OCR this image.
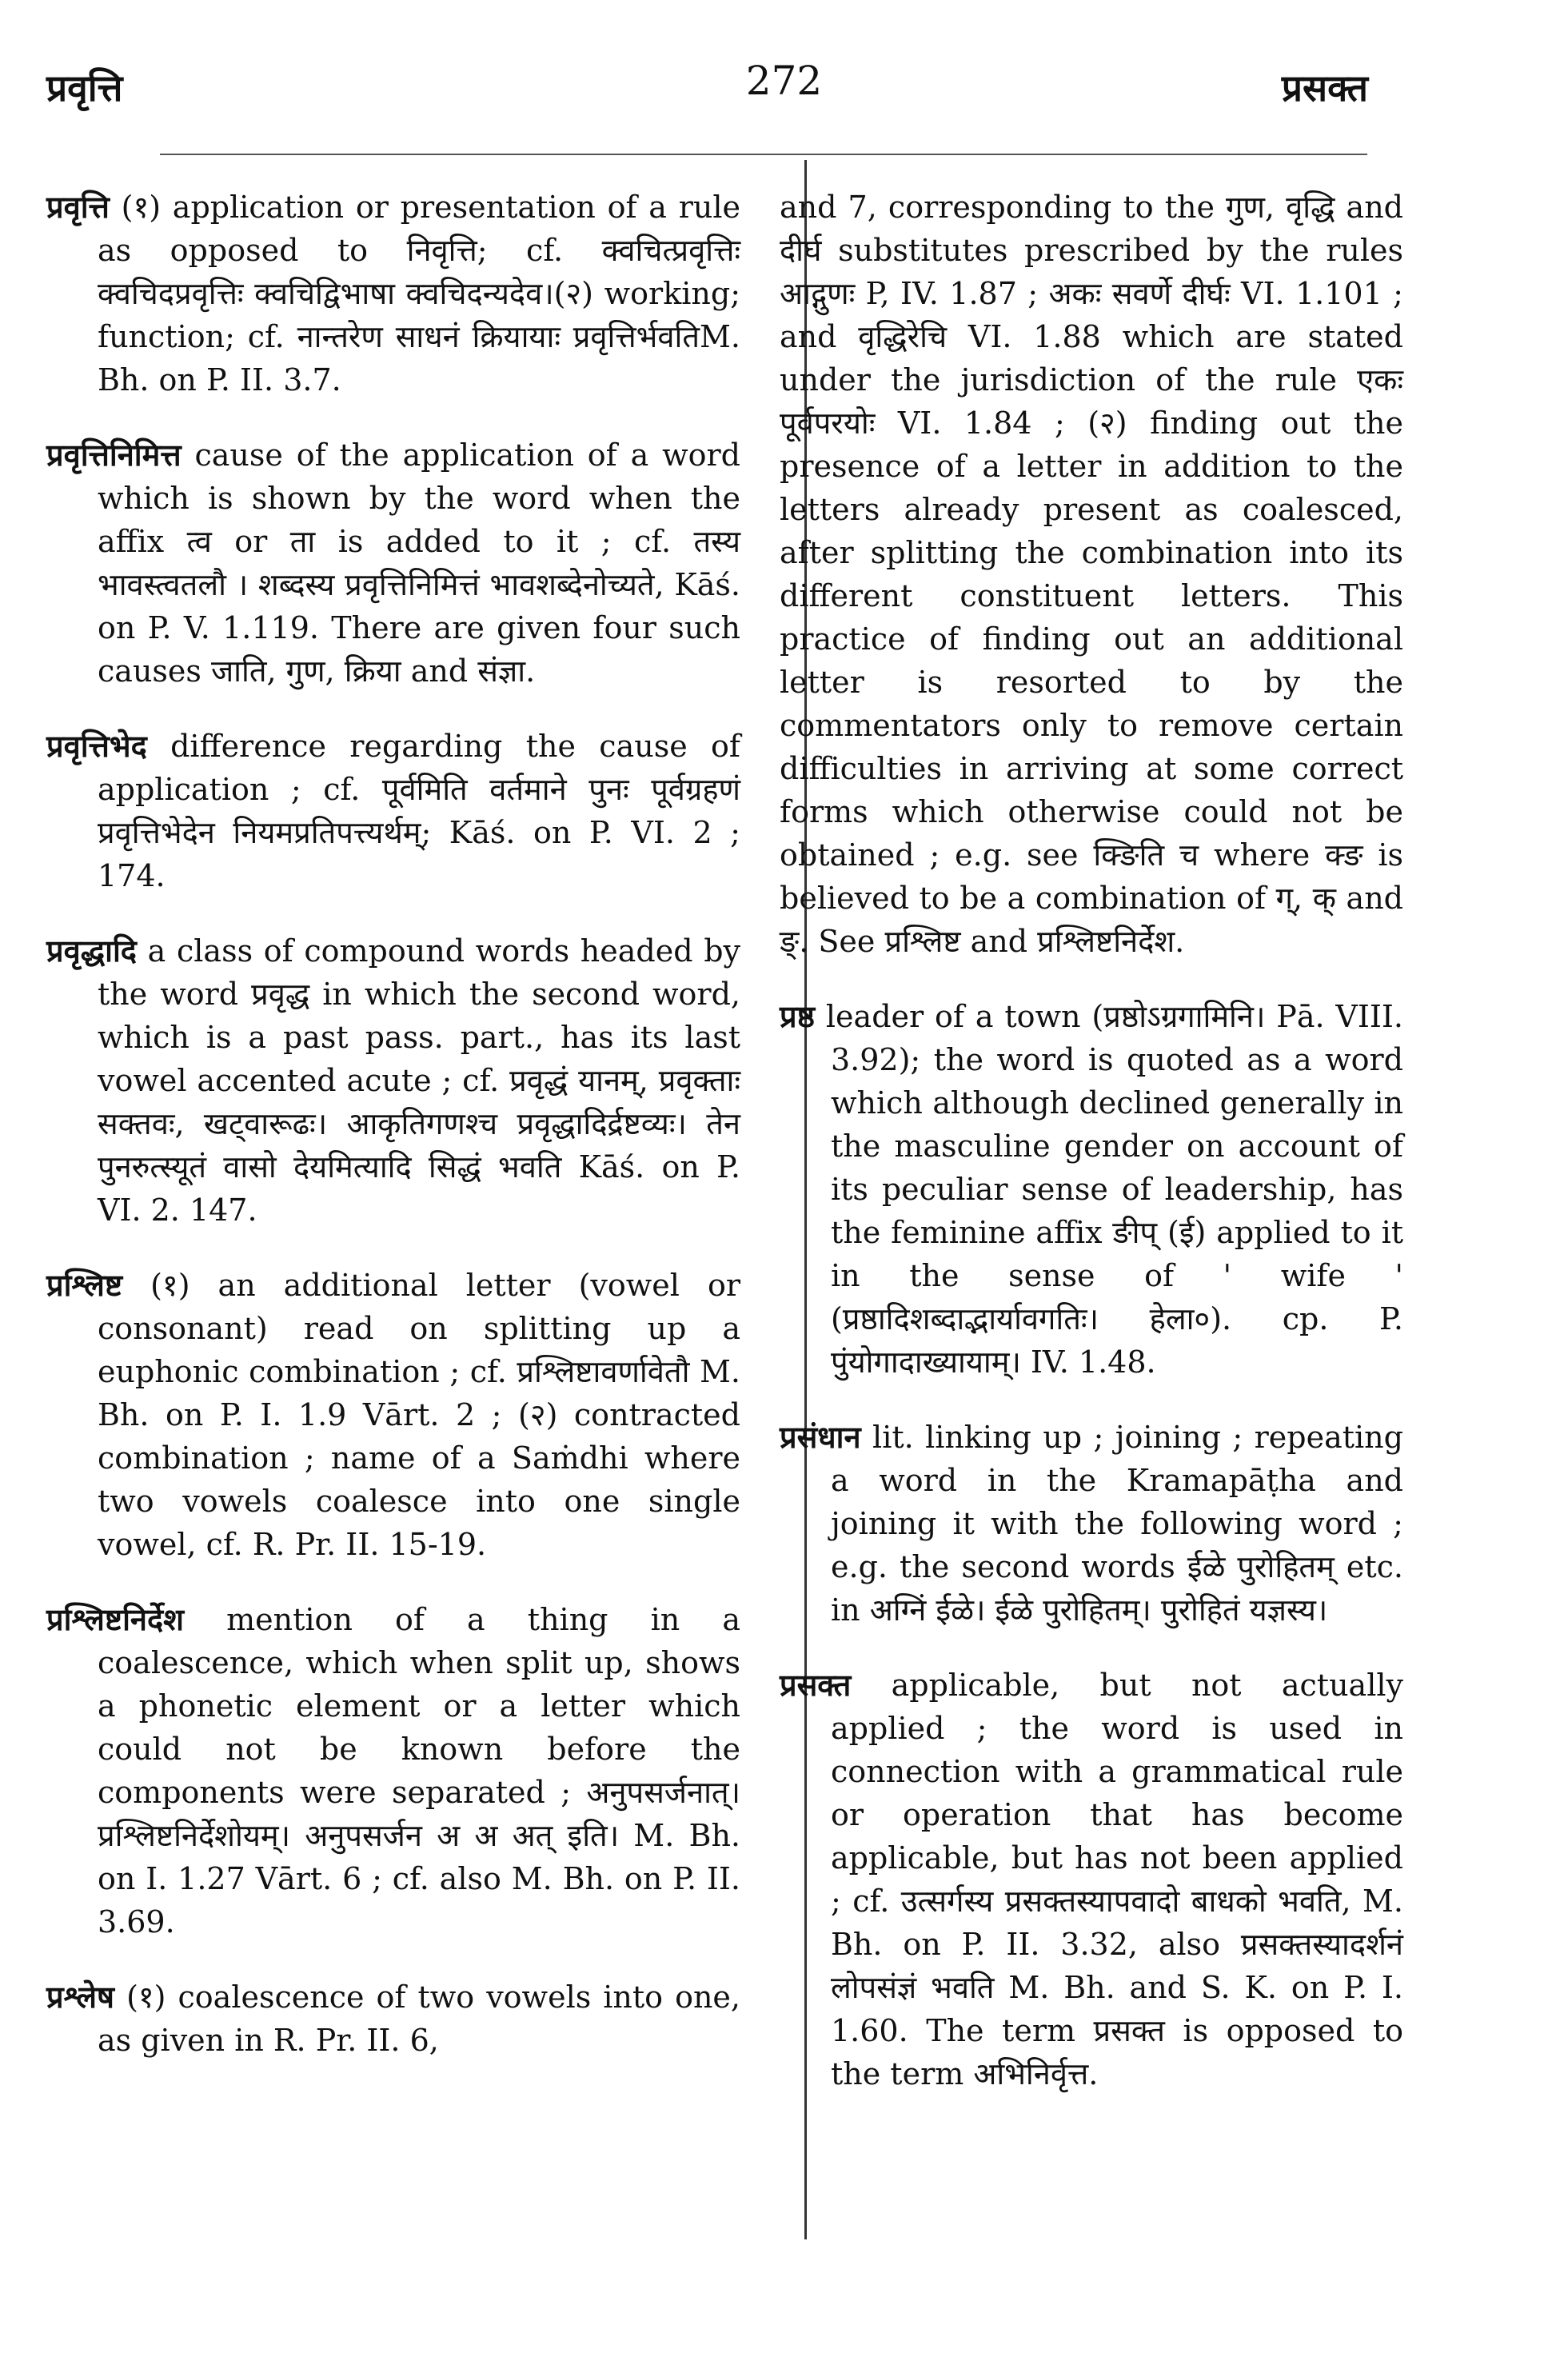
प्रवृत्ति	272	प्रसक्त

प्रवृत्ति (१) application or presentation of a rule as opposed to निवृत्ति; cf. क्वचित्प्रवृत्तिः क्वचिदप्रवृत्तिः क्वचिद्विभाषा क्वचिदन्यदेव।(२) working; function; cf. नान्तरेण साधनं क्रियायाः प्रवृत्तिर्भवतिM. Bh. on P. II. 3.7.

प्रवृत्तिनिमित्त cause of the application of a word which is shown by the word when the affix त्व or ता is added to it ; cf. तस्य भावस्त्वतलौ । शब्दस्य प्रवृत्तिनिमित्तं भावशब्देनोच्यते, Kāś. on P. V. 1.119. There are given four such causes जाति, गुण, क्रिया and संज्ञा.

प्रवृत्तिभेद difference regarding the cause of application ; cf. पूर्वमिति वर्तमाने पुनः पूर्वग्रहणं प्रवृत्तिभेदेन नियमप्रतिपत्त्यर्थम्; Kāś. on P. VI. 2 ; 174.

प्रवृद्धादि a class of compound words headed by the word प्रवृद्ध in which the second word, which is a past pass. part., has its last vowel accented acute ; cf. प्रवृद्धं यानम्, प्रवृक्ताः सक्तवः, खट्वारूढः। आकृतिगणश्च प्रवृद्धादिर्द्रष्टव्यः। तेन पुनरुत्स्यूतं वासो देयमित्यादि सिद्धं भवति Kāś. on P. VI. 2. 147.

प्रश्लिष्ट (१) an additional letter (vowel or consonant) read on splitting up a euphonic combination ; cf. प्रश्लिष्टावर्णावेतौ M. Bh. on P. I. 1.9 Vārt. 2 ; (२) contracted combination ; name of a Saṁdhi where two vowels coalesce into one single vowel, cf. R. Pr. II. 15-19.

प्रश्लिष्टनिर्देश mention of a thing in a coalescence, which when split up, shows a phonetic element or a letter which could not be known before the components were separated ; अनुपसर्जनात्। प्रश्लिष्टनिर्देशोयम्। अनुपसर्जन अ अ अत् इति। M. Bh. on I. 1.27 Vārt. 6 ; cf. also M. Bh. on P. II. 3.69.

प्रश्लेष (१) coalescence of two vowels into one, as given in R. Pr. II. 6,

and 7, corresponding to the गुण, वृद्धि and दीर्घ substitutes prescribed by the rules आद्गुणः P, IV. 1.87 ; अकः सवर्णे दीर्घः VI. 1.101 ; and वृद्धिरेचि VI. 1.88 which are stated under the jurisdiction of the rule एकः पूर्वपरयोः VI. 1.84 ; (२) finding out the presence of a letter in addition to the letters already present as coalesced, after splitting the combination into its different constituent letters. This practice of finding out an additional letter is resorted to by the commentators only to remove certain difficulties in arriving at some correct forms which otherwise could not be obtained ; e.g. see क्ङिति च where क्ङ is believed to be a combination of ग्, क् and ङ्. See प्रश्लिष्ट and प्रश्लिष्टनिर्देश.

प्रष्ठ leader of a town (प्रष्ठोऽग्रगामिनि। Pā. VIII. 3.92); the word is quoted as a word which although declined generally in the masculine gender on account of its peculiar sense of leadership, has the feminine affix ङीप् (ई) applied to it in the sense of ' wife ' (प्रष्ठादिशब्दाद्भार्यावगतिः। हेला०). cp. P. पुंयोगादाख्यायाम्। IV. 1.48.

प्रसंधान lit. linking up ; joining ; repeating a word in the Kramapāṭha and joining it with the following word ; e.g. the second words ईळे पुरोहितम् etc. in अग्निं ईळे। ईळे पुरोहितम्। पुरोहितं यज्ञस्य।

प्रसक्त applicable, but not actually applied ; the word is used in connection with a grammatical rule or operation that has become applicable, but has not been applied ; cf. उत्सर्गस्य प्रसक्तस्यापवादो बाधको भवति, M. Bh. on P. II. 3.32, also प्रसक्तस्यादर्शनं लोपसंज्ञं भवति M. Bh. and S. K. on P. I. 1.60. The term प्रसक्त is opposed to the term अभिनिर्वृत्त.
